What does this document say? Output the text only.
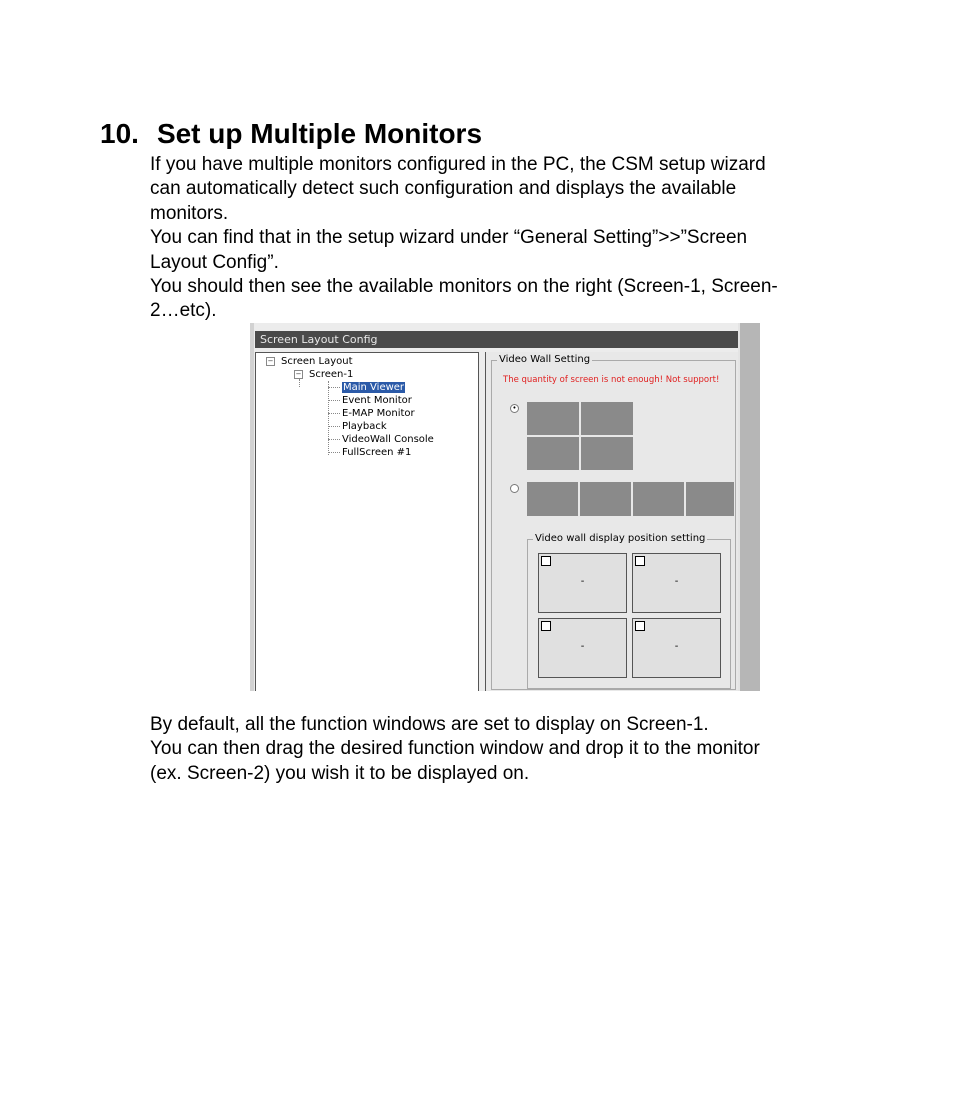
10. Set up Multiple Monitors
If you have multiple monitors configured in the PC, the CSM setup wizard
can automatically detect such configuration and displays the available
monitors.
You can find that in the setup wizard under “General Setting”>>”Screen
Layout Config”.
You should then see the available monitors on the right (Screen-1, Screen-
2…etc).
Screen Layout Config
− Screen Layout
− Screen-1
Main Viewer
Event Monitor
E-MAP Monitor
Playback
VideoWall Console
FullScreen #1
Video Wall Setting
The quantity of screen is not enough! Not support!
•
Video wall display position setting
-	-
-	-
By default, all the function windows are set to display on Screen-1.
You can then drag the desired function window and drop it to the monitor
(ex. Screen-2) you wish it to be displayed on.
